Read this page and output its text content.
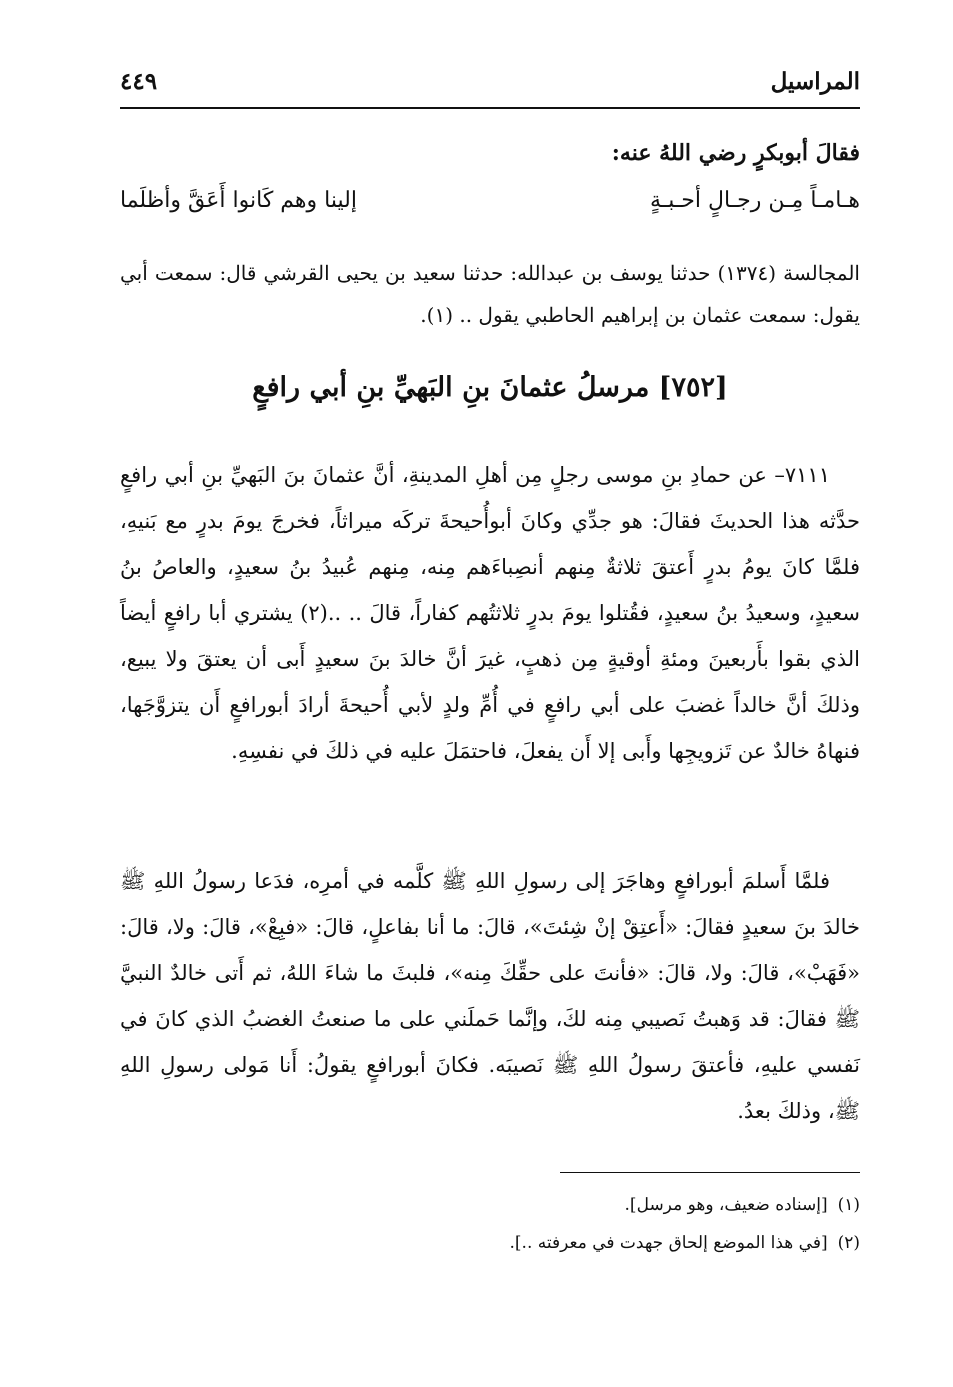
المراسيل
٤٤٩
فقالَ أبوبكرٍ رضي اللهُ عنه:
هـامـاً مِـن رجـالٍ أحـبـةٍ
إلينا وهم كَانوا أَعَقَّ وأظلَما
المجالسة (١٣٧٤) حدثنا يوسف بن عبدالله: حدثنا سعيد بن يحيى القرشي قال: سمعت أبي يقول: سمعت عثمان بن إبراهيم الحاطبي يقول .. (١).
[٧٥٢] مرسلُ عثمانَ بنِ البَهيِّ بنِ أبي رافعٍ
٧١١١– عن حمادِ بنِ موسى رجلٍ مِن أهلِ المدينةِ، أنَّ عثمانَ بنَ البَهيِّ بنِ أبي رافعٍ حدَّثه هذا الحديثَ فقالَ: هو جدِّي وكانَ أبوأُحيحةَ تركَه ميراثاً، فخرجَ يومَ بدرٍ مع بَنيهِ، فلمَّا كانَ يومُ بدرٍ أَعتقَ ثلاثةٌ مِنهم أنصِباءَهم مِنه، مِنهم عُبيدُ بنُ سعيدٍ، والعاصُ بنُ سعيدٍ، وسعيدُ بنُ سعيدٍ، فقُتلوا يومَ بدرٍ ثلاثتُهم كفاراً، قالَ .. ..(٢) يشتري أبا رافعٍ أيضاً الذي بقوا بأَربعينَ ومئةِ أوقيةٍ مِن ذهبٍ، غيرَ أنَّ خالدَ بنَ سعيدٍ أَبى أن يعتقَ ولا يبيع، وذلكَ أنَّ خالداً غضبَ على أبي رافعٍ في أُمِّ ولدٍ لأبي أُحيحةَ أرادَ أبورافعٍ أَن يتزوَّجَها، فنهاهُ خالدٌ عن تَزويجِها وأَبى إلا أَن يفعلَ، فاحتمَلَ عليه في ذلكَ في نفسِهِ.
فلمَّا أَسلمَ أبورافعٍ وهاجَرَ إلى رسولِ اللهِ ﷺ كلَّمه في أمرِه، فدَعا رسولُ اللهِ ﷺ خالدَ بنَ سعيدٍ فقالَ: «أَعتِقْ إنْ شِئتَ»، قالَ: ما أنا بفاعلٍ، قالَ: «فبِعْ»، قالَ: ولا، قالَ: «فَهَبْ»، قالَ: ولا، قالَ: «فأنتَ على حقِّكَ مِنه»، فلبثَ ما شاءَ اللهُ، ثم أَتى خالدٌ النبيَّ ﷺ فقالَ: قد وَهبتُ نَصيبي مِنه لكَ، وإنَّما حَملَني على ما صنعتُ الغضبُ الذي كانَ في نَفسي عليهِ، فأعتقَ رسولُ اللهِ ﷺ نَصيبَه. فكانَ أبورافعٍ يقولُ: أَنا مَولى رسولِ اللهِ ﷺ، وذلكَ بعدُ.
(١)[إسناده ضعيف، وهو مرسل].
(٢)[في هذا الموضع إلحاق جهدت في معرفته ..].
